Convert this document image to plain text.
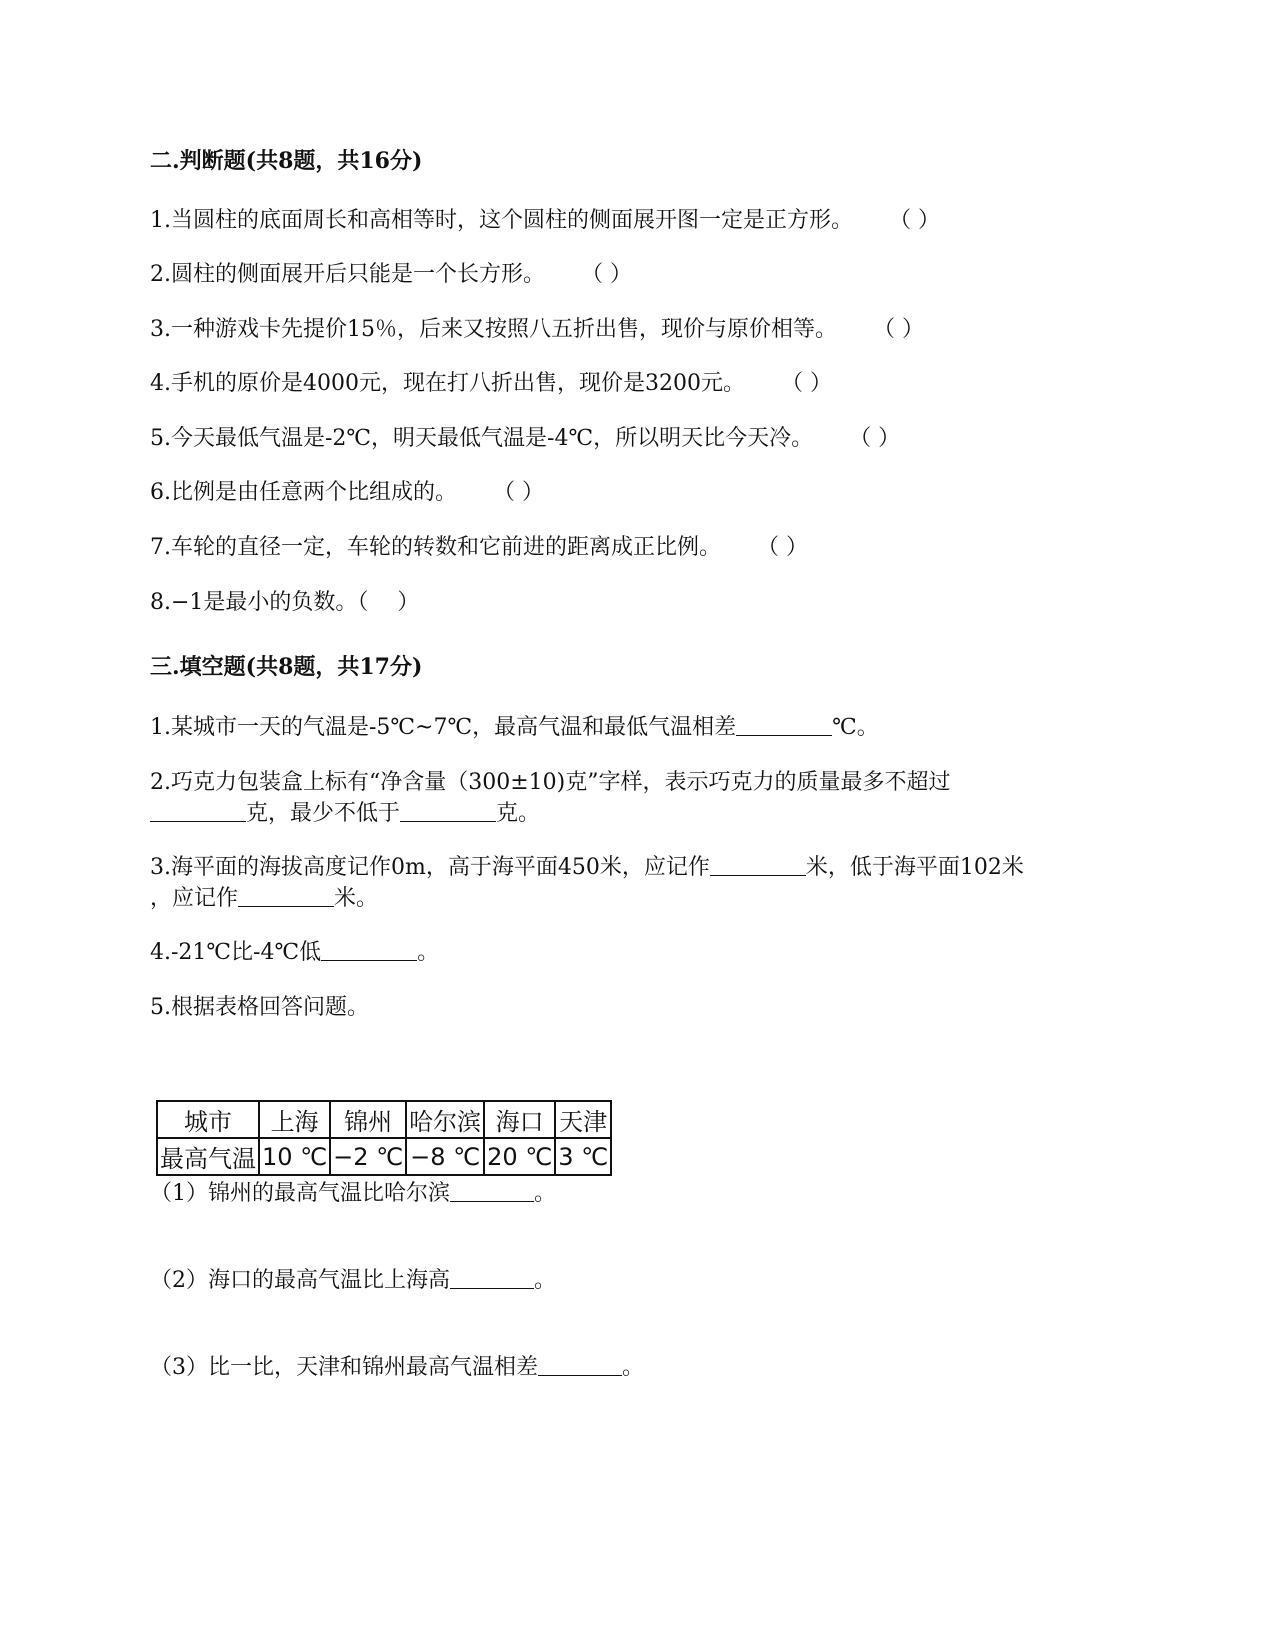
二.判断题(共8题，共16分)
1.当圆柱的底面周长和高相等时，这个圆柱的侧面展开图一定是正方形。 （ ）
2.圆柱的侧面展开后只能是一个长方形。 （ ）
3.一种游戏卡先提价15％，后来又按照八五折出售，现价与原价相等。 （ ）
4.手机的原价是4000元，现在打八折出售，现价是3200元。 （ ）
5.今天最低气温是-2℃，明天最低气温是-4℃，所以明天比今天冷。 （ ）
6.比例是由任意两个比组成的。 （ ）
7.车轮的直径一定，车轮的转数和它前进的距离成正比例。 （ ）
8.−1是最小的负数。（　 ）
三.填空题(共8题，共17分)
1.某城市一天的气温是-5℃~7℃，最高气温和最低气温相差	℃。
2.巧克力包装盒上标有“净含量（300±10)克”字样，表示巧克力的质量最多不超过
克，最少不低于	克。
3.海平面的海拔高度记作0m，高于海平面450米，应记作	米，低于海平面102米
，应记作	米。
4.-21℃比-4℃低	。
5.根据表格回答问题。
城市	上海	锦州	哈尔滨	海口	天津
最高气温	10 ℃	−2 ℃	−8 ℃	20 ℃	3 ℃
（1）锦州的最高气温比哈尔滨	。
（2）海口的最高气温比上海高	。
（3）比一比，天津和锦州最高气温相差	。
